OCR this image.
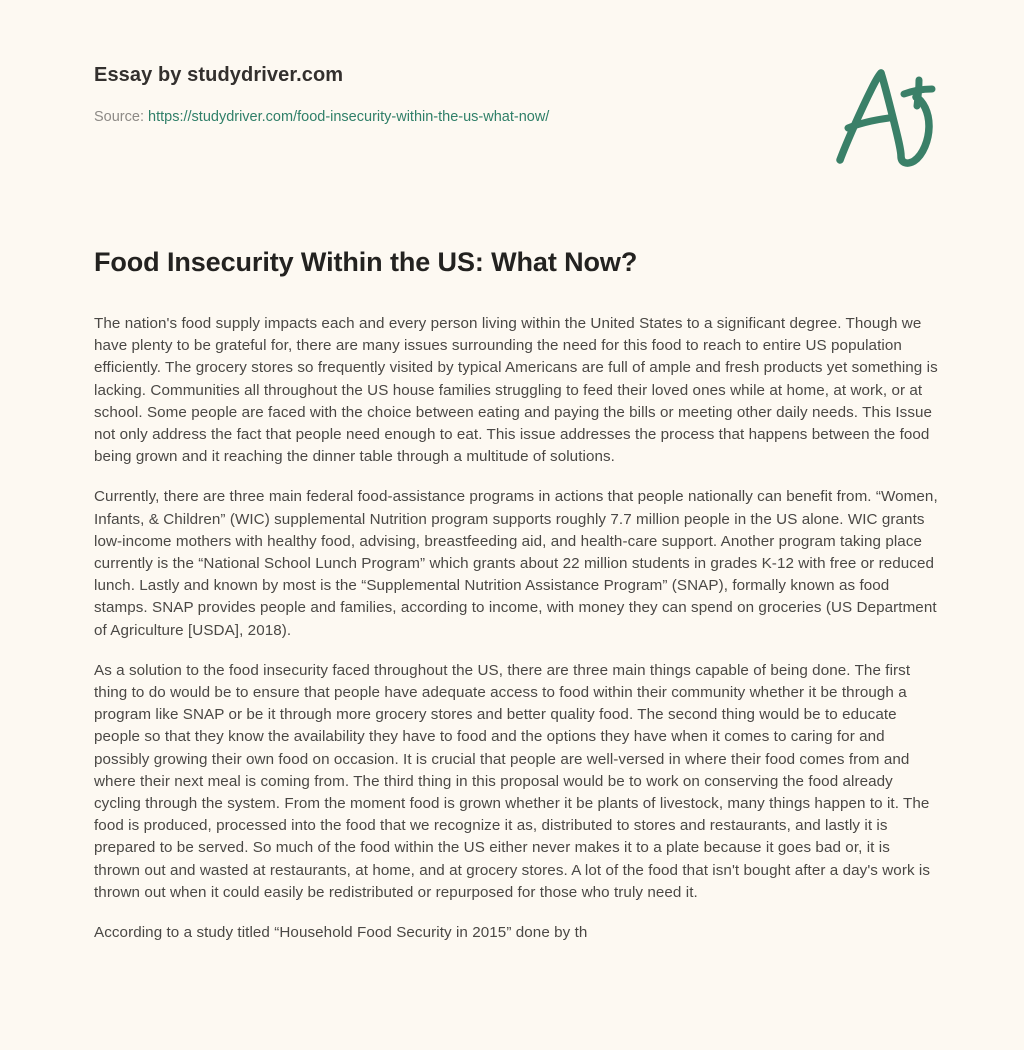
Essay by studydriver.com
Source: https://studydriver.com/food-insecurity-within-the-us-what-now/
Food Insecurity Within the US: What Now?

The nation's food supply impacts each and every person living within the United States to a significant degree. Though we have plenty to be grateful for, there are many issues surrounding the need for this food to reach to entire US population efficiently. The grocery stores so frequently visited by typical Americans are full of ample and fresh products yet something is lacking. Communities all throughout the US house families struggling to feed their loved ones while at home, at work, or at school. Some people are faced with the choice between eating and paying the bills or meeting other daily needs. This Issue not only address the fact that people need enough to eat. This issue addresses the process that happens between the food being grown and it reaching the dinner table through a multitude of solutions.

Currently, there are three main federal food-assistance programs in actions that people nationally can benefit from. “Women, Infants, & Children” (WIC) supplemental Nutrition program supports roughly 7.7 million people in the US alone. WIC grants low-income mothers with healthy food, advising, breastfeeding aid, and health-care support. Another program taking place currently is the “National School Lunch Program” which grants about 22 million students in grades K-12 with free or reduced lunch. Lastly and known by most is the “Supplemental Nutrition Assistance Program” (SNAP), formally known as food stamps. SNAP provides people and families, according to income, with money they can spend on groceries (US Department of Agriculture [USDA], 2018).

As a solution to the food insecurity faced throughout the US, there are three main things capable of being done. The first thing to do would be to ensure that people have adequate access to food within their community whether it be through a program like SNAP or be it through more grocery stores and better quality food. The second thing would be to educate people so that they know the availability they have to food and the options they have when it comes to caring for and possibly growing their own food on occasion. It is crucial that people are well-versed in where their food comes from and where their next meal is coming from. The third thing in this proposal would be to work on conserving the food already cycling through the system. From the moment food is grown whether it be plants of livestock, many things happen to it. The food is produced, processed into the food that we recognize it as, distributed to stores and restaurants, and lastly it is prepared to be served. So much of the food within the US either never makes it to a plate because it goes bad or, it is thrown out and wasted at restaurants, at home, and at grocery stores. A lot of the food that isn't bought after a day's work is thrown out when it could easily be redistributed or repurposed for those who truly need it.

According to a study titled “Household Food Security in 2015” done by th
